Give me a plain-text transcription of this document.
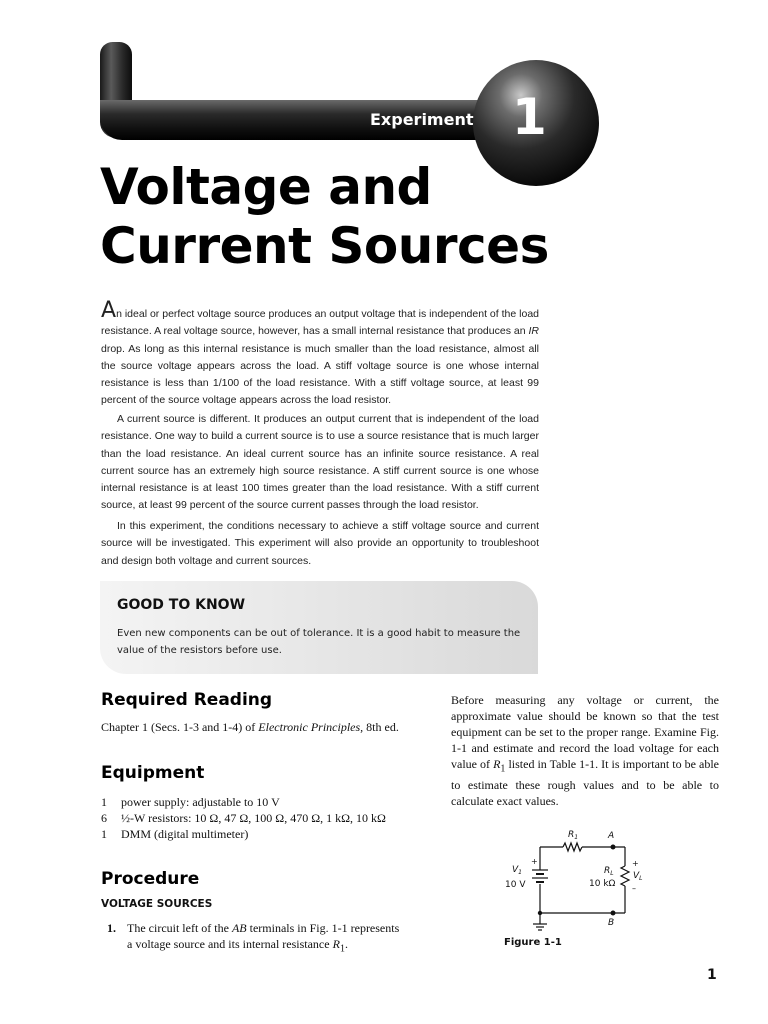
Experiment 1
Voltage and Current Sources

An ideal or perfect voltage source produces an output voltage that is independent of the load resistance. A real voltage source, however, has a small internal resistance that produces an IR drop. As long as this internal resistance is much smaller than the load resistance, almost all the source voltage appears across the load. A stiff voltage source is one whose internal resistance is less than 1/100 of the load resistance. With a stiff voltage source, at least 99 percent of the source voltage appears across the load resistor.

A current source is different. It produces an output current that is independent of the load resistance. One way to build a current source is to use a source resistance that is much larger than the load resistance. An ideal current source has an infinite source resistance. A real current source has an extremely high source resistance. A stiff current source is one whose internal resistance is at least 100 times greater than the load resistance. With a stiff current source, at least 99 percent of the source current passes through the load resistor.

In this experiment, the conditions necessary to achieve a stiff voltage source and current source will be investigated. This experiment will also provide an opportunity to troubleshoot and design both voltage and current sources.

GOOD TO KNOW

Even new components can be out of tolerance. It is a good habit to measure the value of the resistors before use.

Required Reading

Chapter 1 (Secs. 1-3 and 1-4) of Electronic Principles, 8th ed.

Equipment
1 power supply: adjustable to 10 V
6 ½-W resistors: 10 Ω, 47 Ω, 100 Ω, 470 Ω, 1 kΩ, 10 kΩ
1 DMM (digital multimeter)
Procedure
VOLTAGE SOURCES

1. The circuit left of the AB terminals in Fig. 1-1 represents a voltage source and its internal resistance $R_1$.

Before measuring any voltage or current, the approximate value should be known so that the test equipment can be set to the proper range. Examine Fig. 1-1 and estimate and record the load voltage for each value of $R_1$ listed in Table 1-1. It is important to be able to estimate these rough values and to be able to calculate exact values.

$R_1$	A
B
$V_1$
10 V
+
$R_L$
10 kΩ
+
$V_L$
–
Figure 1-1
1
